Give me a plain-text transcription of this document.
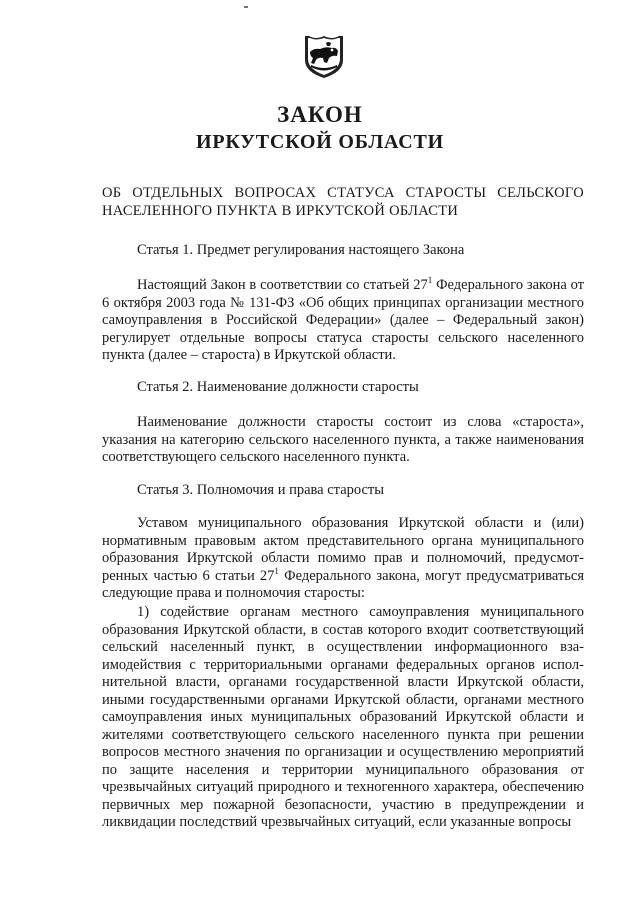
ЗАКОН
ИРКУТСКОЙ ОБЛАСТИ
ОБ ОТДЕЛЬНЫХ ВОПРОСАХ СТАТУСА СТАРОСТЫ СЕЛЬСКОГО
НАСЕЛЕННОГО ПУНКТА В ИРКУТСКОЙ ОБЛАСТИ
Статья 1. Предмет регулирования настоящего Закона

Настоящий Закон в соответствии со статьей $27^1$ Федерального закона от 6 октября 2003 года № 131-ФЗ «Об общих принципах организации местного самоуправления в Российской Федерации» (далее – Федеральный закон) регулирует отдельные вопросы статуса старосты сельского населенного пункта (далее – староста) в Иркутской области.

Статья 2. Наименование должности старосты

Наименование должности старосты состоит из слова «староста», указания на категорию сельского населенного пункта, а также наименования соответствующего сельского населенного пункта.

Статья 3. Полномочия и права старосты

Уставом муниципального образования Иркутской области и (или) нормативным правовым актом представительного органа муниципального образования Иркутской области помимо прав и полномочий, предусмотренных частью 6 статьи $27^1$ Федерального закона, могут предусматриваться следующие права и полномочия старосты:

1) содействие органам местного самоуправления муниципального образования Иркутской области, в состав которого входит соответствующий сельский населенный пункт, в осуществлении информационного взаимодействия с территориальными органами федеральных органов исполнительной власти, органами государственной власти Иркутской области, иными государственными органами Иркутской области, органами местного самоуправления иных муниципальных образований Иркутской области и жителями соответствующего сельского населенного пункта при решении вопросов местного значения по организации и осуществлению мероприятий по защите населения и территории муниципального образования от чрезвычайных ситуаций природного и техногенного характера, обеспечению первичных мер пожарной безопасности, участию в предупреждении и ликвидации последствий чрезвычайных ситуаций, если указанные вопросы
